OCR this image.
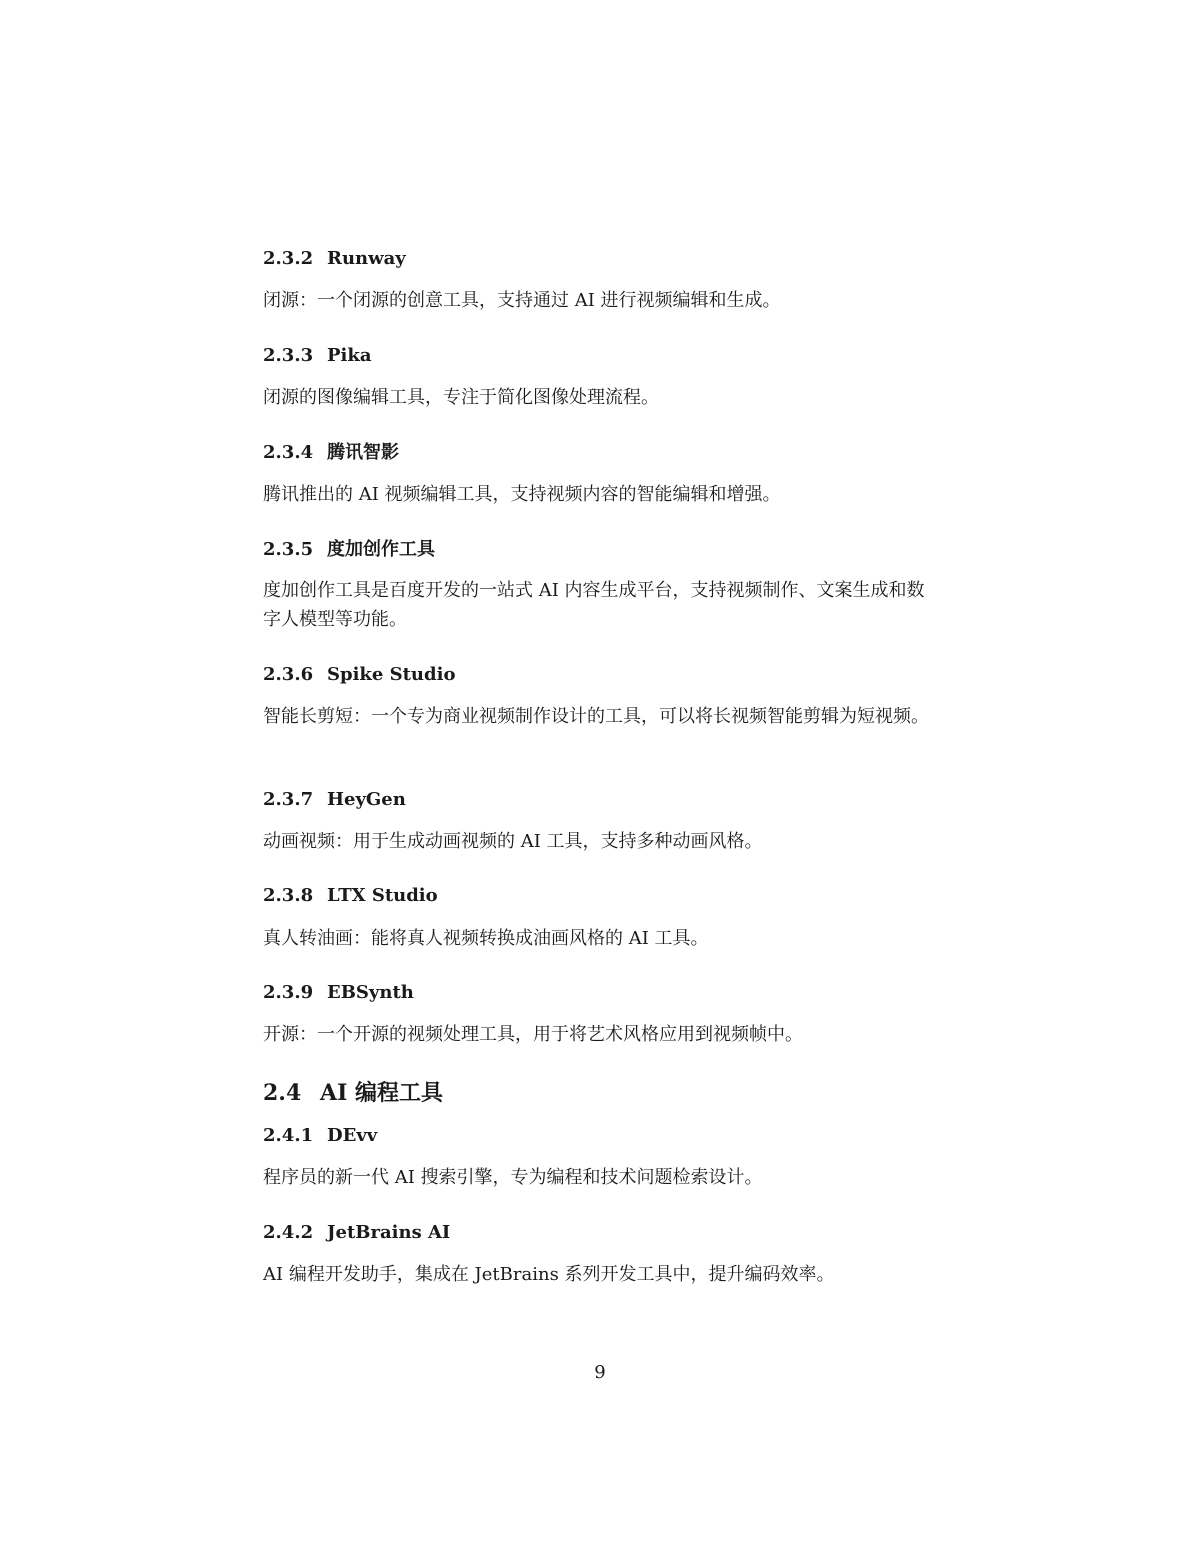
2.3.2 Runway
闭源：一个闭源的创意工具，支持通过 AI 进行视频编辑和生成。
2.3.3 Pika
闭源的图像编辑工具，专注于简化图像处理流程。
2.3.4 腾讯智影
腾讯推出的 AI 视频编辑工具，支持视频内容的智能编辑和增强。
2.3.5 度加创作工具
度加创作工具是百度开发的一站式 AI 内容生成平台，支持视频制作、文案生成和数字人模型等功能。
2.3.6 Spike Studio
智能长剪短：一个专为商业视频制作设计的工具，可以将长视频智能剪辑为短视频。
2.3.7 HeyGen
动画视频：用于生成动画视频的 AI 工具，支持多种动画风格。
2.3.8 LTX Studio
真人转油画：能将真人视频转换成油画风格的 AI 工具。
2.3.9 EBSynth
开源：一个开源的视频处理工具，用于将艺术风格应用到视频帧中。
2.4 AI 编程工具
2.4.1 DEvv
程序员的新一代 AI 搜索引擎，专为编程和技术问题检索设计。
2.4.2 JetBrains AI
AI 编程开发助手，集成在 JetBrains 系列开发工具中，提升编码效率。
9
